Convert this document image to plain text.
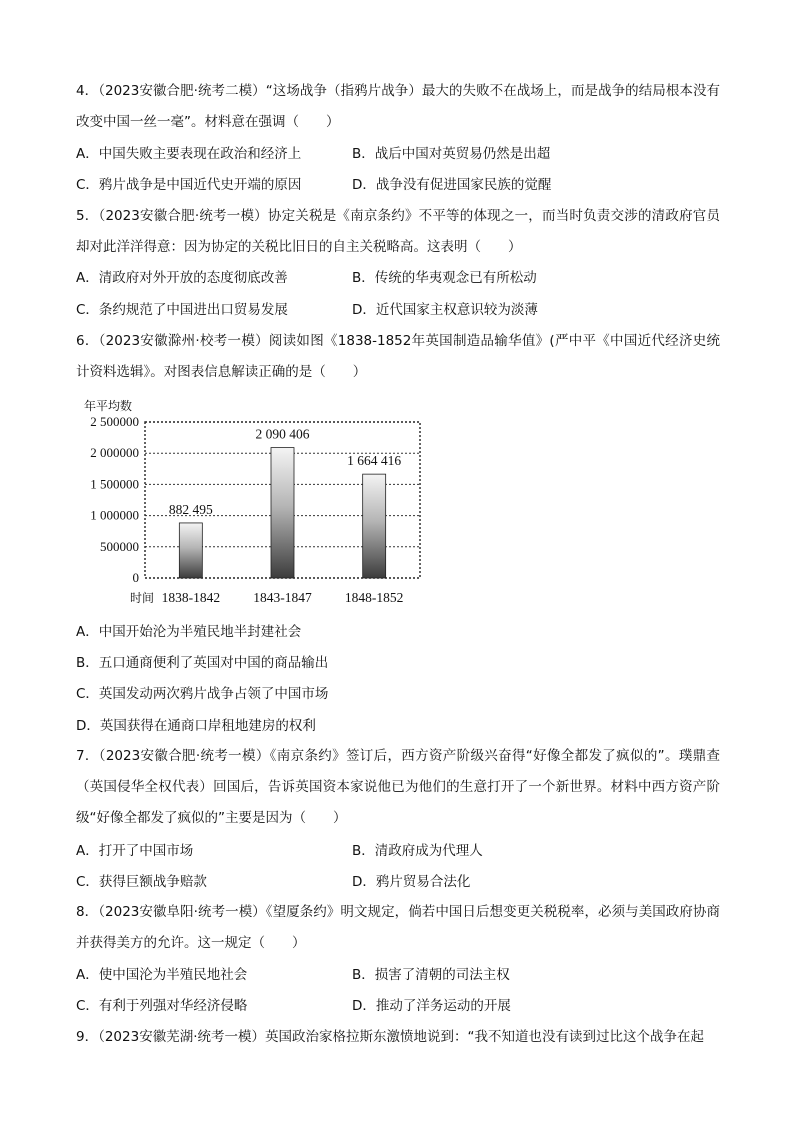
4．（2023安徽合肥·统考二模）“这场战争（指鸦片战争）最大的失败不在战场上，而是战争的结局根本没有改变中国一丝一毫”。材料意在强调（　　）
A．中国失败主要表现在政治和经济上	B．战后中国对英贸易仍然是出超
C．鸦片战争是中国近代史开端的原因	D．战争没有促进国家民族的觉醒
5．（2023安徽合肥·统考一模）协定关税是《南京条约》不平等的体现之一，而当时负责交涉的清政府官员却对此洋洋得意：因为协定的关税比旧日的自主关税略高。这表明（　　）
A．清政府对外开放的态度彻底改善	B．传统的华夷观念已有所松动
C．条约规范了中国进出口贸易发展	D．近代国家主权意识较为淡薄
6．（2023安徽滁州·校考一模）阅读如图《1838-1852年英国制造品输华值》(严中平《中国近代经济史统计资料选辑》。对图表信息解读正确的是（　　）
年平均数
时间
0
500000
1 000000
1 500000
2 000000
2 500000
882 495
2 090 406
1 664 416
1838-1842 1843-1847 1848-1852
A．中国开始沦为半殖民地半封建社会
B．五口通商便利了英国对中国的商品输出
C．英国发动两次鸦片战争占领了中国市场
D．英国获得在通商口岸租地建房的权利
7．（2023安徽合肥·统考一模）《南京条约》签订后，西方资产阶级兴奋得“好像全都发了疯似的”。璞鼎查（英国侵华全权代表）回国后，告诉英国资本家说他已为他们的生意打开了一个新世界。材料中西方资产阶级“好像全都发了疯似的”主要是因为（　　）
A．打开了中国市场	B．清政府成为代理人
C．获得巨额战争赔款	D．鸦片贸易合法化
8．（2023安徽阜阳·统考一模）《望厦条约》明文规定，倘若中国日后想变更关税税率，必须与美国政府协商并获得美方的允许。这一规定（　　）
A．使中国沦为半殖民地社会	B．损害了清朝的司法主权
C．有利于列强对华经济侵略	D．推动了洋务运动的开展
9．（2023安徽芜湖·统考一模）英国政治家格拉斯东激愤地说到：“我不知道也没有读到过比这个战争在起
